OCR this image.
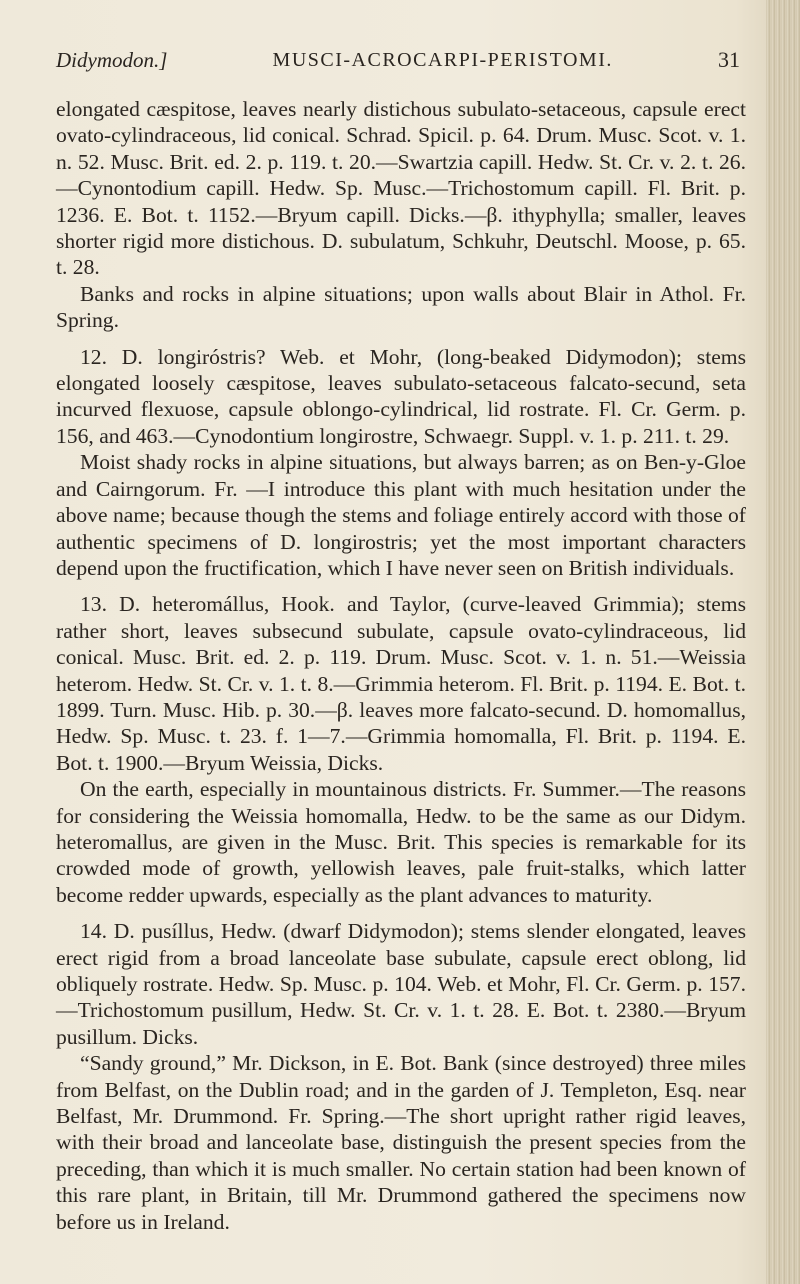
Didymodon.]	MUSCI-ACROCARPI-PERISTOMI.	31

elongated cæspitose, leaves nearly distichous subulato-setaceous, capsule erect ovato-cylindraceous, lid conical. Schrad. Spicil. p. 64. Drum. Musc. Scot. v. 1. n. 52. Musc. Brit. ed. 2. p. 119. t. 20.—Swartzia capill. Hedw. St. Cr. v. 2. t. 26.—Cynontodium capill. Hedw. Sp. Musc.—Trichostomum capill. Fl. Brit. p. 1236. E. Bot. t. 1152.—Bryum capill. Dicks.—β. ithyphylla; smaller, leaves shorter rigid more distichous. D. subulatum, Schkuhr, Deutschl. Moose, p. 65. t. 28.

Banks and rocks in alpine situations; upon walls about Blair in Athol. Fr. Spring.

12. D. longiróstris? Web. et Mohr, (long-beaked Didymodon); stems elongated loosely cæspitose, leaves subulato-setaceous falcato-secund, seta incurved flexuose, capsule oblongo-cylindrical, lid rostrate. Fl. Cr. Germ. p. 156, and 463.—Cynodontium longirostre, Schwaegr. Suppl. v. 1. p. 211. t. 29.

Moist shady rocks in alpine situations, but always barren; as on Ben-y-Gloe and Cairngorum. Fr. —I introduce this plant with much hesitation under the above name; because though the stems and foliage entirely accord with those of authentic specimens of D. longirostris; yet the most important characters depend upon the fructification, which I have never seen on British individuals.

13. D. heteromállus, Hook. and Taylor, (curve-leaved Grimmia); stems rather short, leaves subsecund subulate, capsule ovato-cylindraceous, lid conical. Musc. Brit. ed. 2. p. 119. Drum. Musc. Scot. v. 1. n. 51.—Weissia heterom. Hedw. St. Cr. v. 1. t. 8.—Grimmia heterom. Fl. Brit. p. 1194. E. Bot. t. 1899. Turn. Musc. Hib. p. 30.—β. leaves more falcato-secund. D. homomallus, Hedw. Sp. Musc. t. 23. f. 1—7.—Grimmia homomalla, Fl. Brit. p. 1194. E. Bot. t. 1900.—Bryum Weissia, Dicks.

On the earth, especially in mountainous districts. Fr. Summer.—The reasons for considering the Weissia homomalla, Hedw. to be the same as our Didym. heteromallus, are given in the Musc. Brit. This species is remarkable for its crowded mode of growth, yellowish leaves, pale fruit-stalks, which latter become redder upwards, especially as the plant advances to maturity.

14. D. pusíllus, Hedw. (dwarf Didymodon); stems slender elongated, leaves erect rigid from a broad lanceolate base subulate, capsule erect oblong, lid obliquely rostrate. Hedw. Sp. Musc. p. 104. Web. et Mohr, Fl. Cr. Germ. p. 157.—Trichostomum pusillum, Hedw. St. Cr. v. 1. t. 28. E. Bot. t. 2380.—Bryum pusillum. Dicks.

“Sandy ground,” Mr. Dickson, in E. Bot. Bank (since destroyed) three miles from Belfast, on the Dublin road; and in the garden of J. Templeton, Esq. near Belfast, Mr. Drummond. Fr. Spring.—The short upright rather rigid leaves, with their broad and lanceolate base, distinguish the present species from the preceding, than which it is much smaller. No certain station had been known of this rare plant, in Britain, till Mr. Drummond gathered the specimens now before us in Ireland.
